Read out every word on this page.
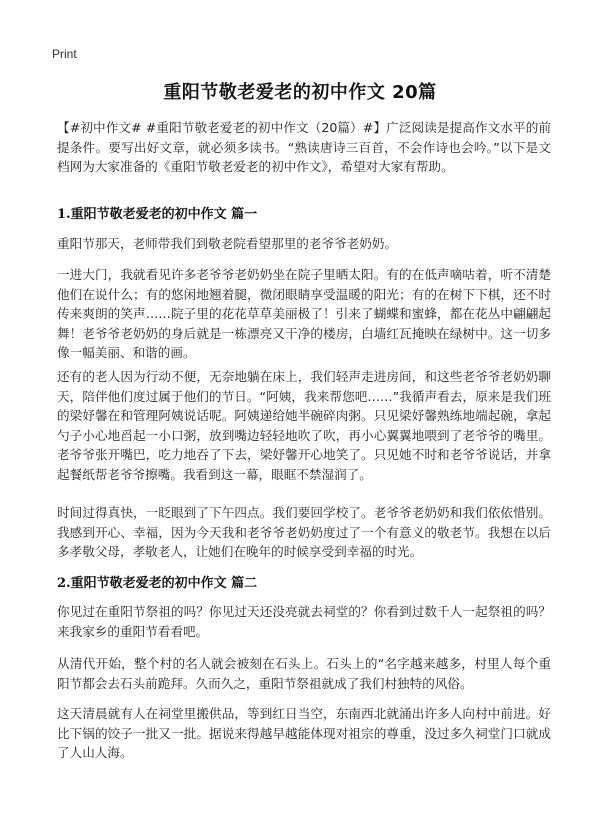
Print
重阳节敬老爱老的初中作文 20篇
【#初中作文# #重阳节敬老爱老的初中作文（20篇）#】广泛阅读是提高作文水平的前提条件。要写出好文章，就必须多读书。“熟读唐诗三百首，不会作诗也会吟。”以下是文档网为大家准备的《重阳节敬老爱老的初中作文》，希望对大家有帮助。
1.重阳节敬老爱老的初中作文 篇一
重阳节那天，老师带我们到敬老院看望那里的老爷爷老奶奶。
一进大门，我就看见许多老爷爷老奶奶坐在院子里晒太阳。有的在低声嘀咕着，听不清楚他们在说什么；有的悠闲地翘着腿，微闭眼睛享受温暖的阳光；有的在树下下棋，还不时传来爽朗的笑声……院子里的花花草草美丽极了！引来了蝴蝶和蜜蜂，都在花丛中翩翩起舞！老爷爷老奶奶的身后就是一栋漂亮又干净的楼房，白墙红瓦掩映在绿树中。这一切多像一幅美丽、和谐的画。
还有的老人因为行动不便，无奈地躺在床上，我们轻声走进房间，和这些老爷爷老奶奶聊天，陪伴他们度过属于他们的节日。“阿姨，我来帮您吧……”我循声看去，原来是我们班的梁妤馨在和管理阿姨说话呢。阿姨递给她半碗碎肉粥。只见梁妤馨熟练地端起碗，拿起勺子小心地舀起一小口粥，放到嘴边轻轻地吹了吹，再小心翼翼地喂到了老爷爷的嘴里。老爷爷张开嘴巴，吃力地吞了下去，梁妤馨开心地笑了。只见她不时和老爷爷说话，并拿起餐纸帮老爷爷擦嘴。我看到这一幕，眼眶不禁湿润了。
时间过得真快，一眨眼到了下午四点。我们要回学校了。老爷爷老奶奶和我们依依惜别。我感到开心、幸福，因为今天我和老爷爷老奶奶度过了一个有意义的敬老节。我想在以后多孝敬父母，孝敬老人，让她们在晚年的时候享受到幸福的时光。
2.重阳节敬老爱老的初中作文 篇二
你见过在重阳节祭祖的吗？你见过天还没亮就去祠堂的？你看到过数千人一起祭祖的吗？来我家乡的重阳节看看吧。
从清代开始，整个村的名人就会被刻在石头上。石头上的“名字越来越多，村里人每个重阳节都会去石头前跪拜。久而久之，重阳节祭祖就成了我们村独特的风俗。
这天清晨就有人在祠堂里搬供品，等到红日当空，东南西北就涌出许多人向村中前进。好比下锅的饺子一批又一批。据说来得越早越能体现对祖宗的尊重，没过多久祠堂门口就成了人山人海。
